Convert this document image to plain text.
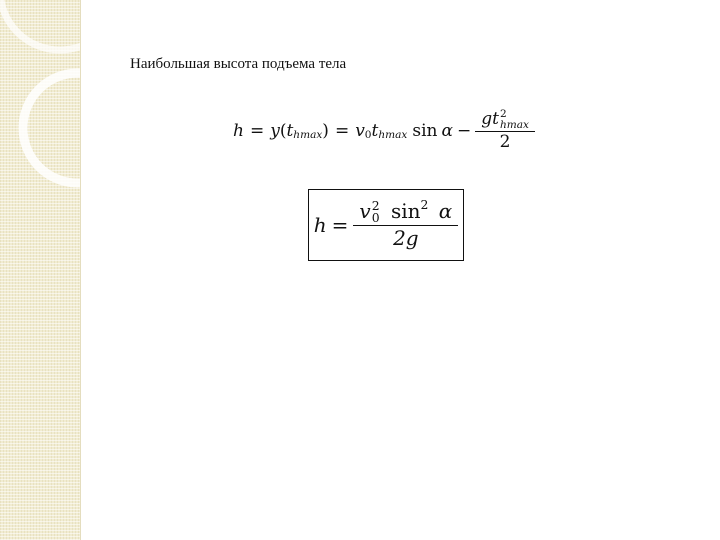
Наибольшая высота подъема тела
h = y ( t hmax ) = v 0 t hmax sin α − gt 2
hmax
2
h = v 2
0 $\sin^2 \alpha$
2g
